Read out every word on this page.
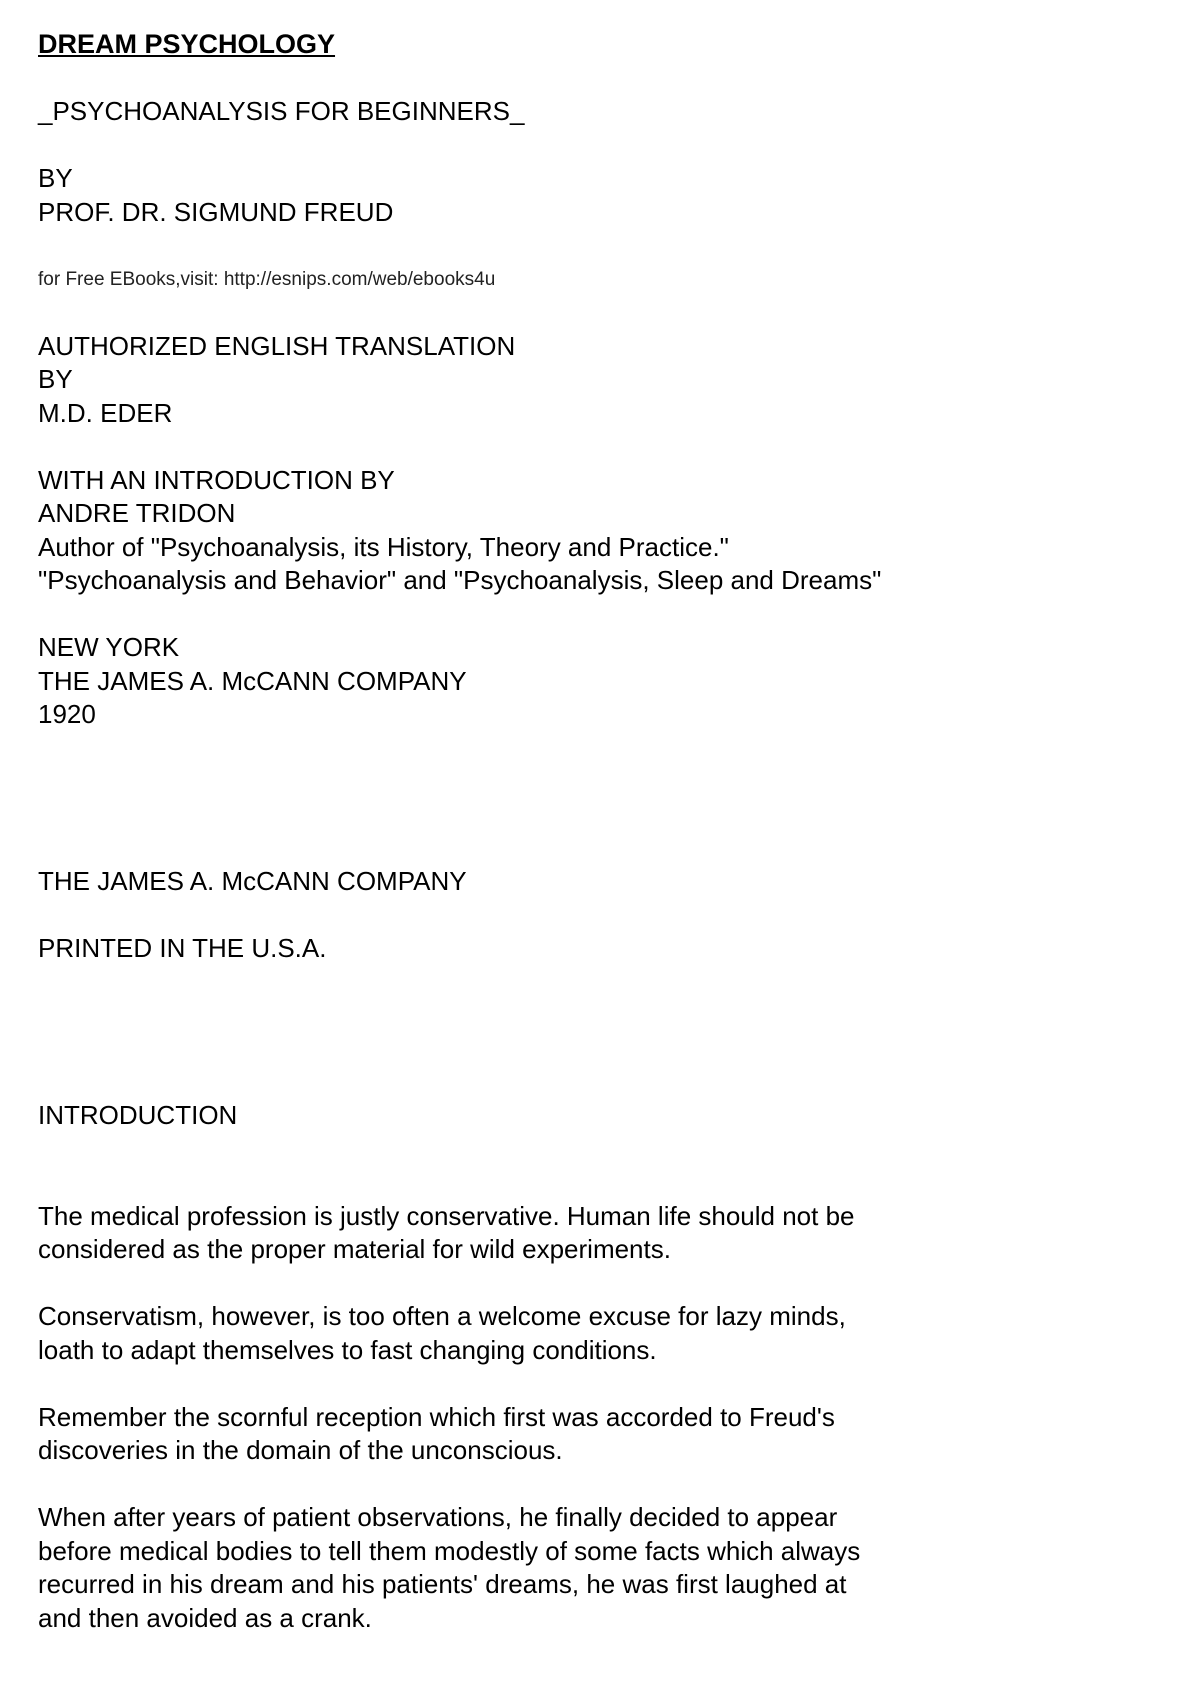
DREAM PSYCHOLOGY

_PSYCHOANALYSIS FOR BEGINNERS_

BY

PROF. DR. SIGMUND FREUD

for Free EBooks,visit: http://esnips.com/web/ebooks4u

AUTHORIZED ENGLISH TRANSLATION

BY

M.D. EDER

WITH AN INTRODUCTION BY

ANDRE TRIDON

Author of "Psychoanalysis, its History, Theory and Practice."

"Psychoanalysis and Behavior" and "Psychoanalysis, Sleep and Dreams"

NEW YORK

THE JAMES A. McCANN COMPANY

1920

THE JAMES A. McCANN COMPANY

PRINTED IN THE U.S.A.

INTRODUCTION

The medical profession is justly conservative. Human life should not be

considered as the proper material for wild experiments.

Conservatism, however, is too often a welcome excuse for lazy minds,

loath to adapt themselves to fast changing conditions.

Remember the scornful reception which first was accorded to Freud's

discoveries in the domain of the unconscious.

When after years of patient observations, he finally decided to appear

before medical bodies to tell them modestly of some facts which always

recurred in his dream and his patients' dreams, he was first laughed at

and then avoided as a crank.
